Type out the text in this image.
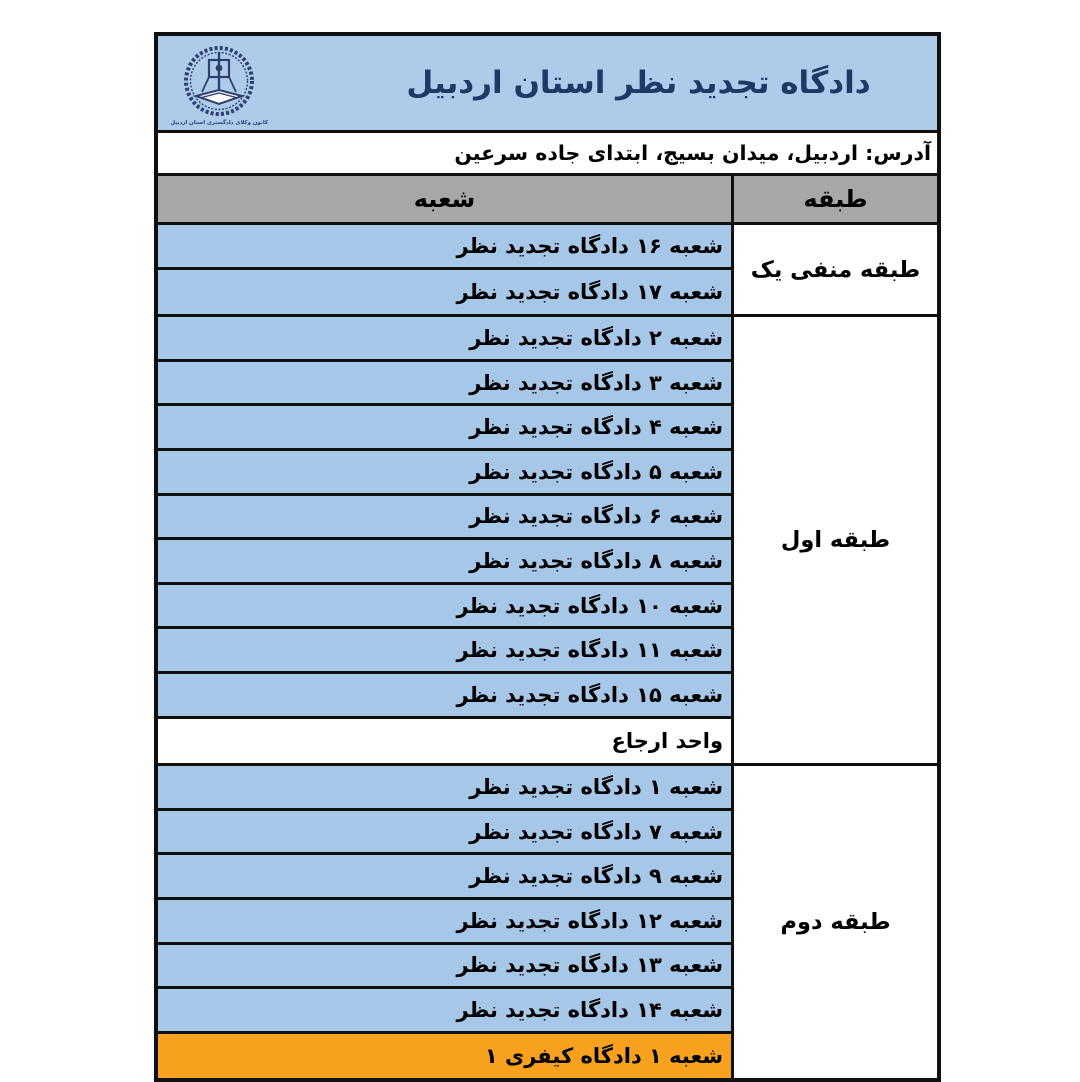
کانون وکلای دادگستری استان اردبیل
دادگاه تجدید نظر استان اردبیل
آدرس: اردبیل، میدان بسیج، ابتدای جاده سرعین
شعبه	طبقه
شعبه ۱۶ دادگاه تجدید نظر
شعبه ۱۷ دادگاه تجدید نظر
طبقه منفی یک
شعبه ۲ دادگاه تجدید نظر
شعبه ۳ دادگاه تجدید نظر
شعبه ۴ دادگاه تجدید نظر
شعبه ۵ دادگاه تجدید نظر
شعبه ۶ دادگاه تجدید نظر
شعبه ۸ دادگاه تجدید نظر
شعبه ۱۰ دادگاه تجدید نظر
شعبه ۱۱ دادگاه تجدید نظر
شعبه ۱۵ دادگاه تجدید نظر
واحد ارجاع
طبقه اول
شعبه ۱ دادگاه تجدید نظر
شعبه ۷ دادگاه تجدید نظر
شعبه ۹ دادگاه تجدید نظر
شعبه ۱۲ دادگاه تجدید نظر
شعبه ۱۳ دادگاه تجدید نظر
شعبه ۱۴ دادگاه تجدید نظر
شعبه ۱ دادگاه کیفری ۱
طبقه دوم
